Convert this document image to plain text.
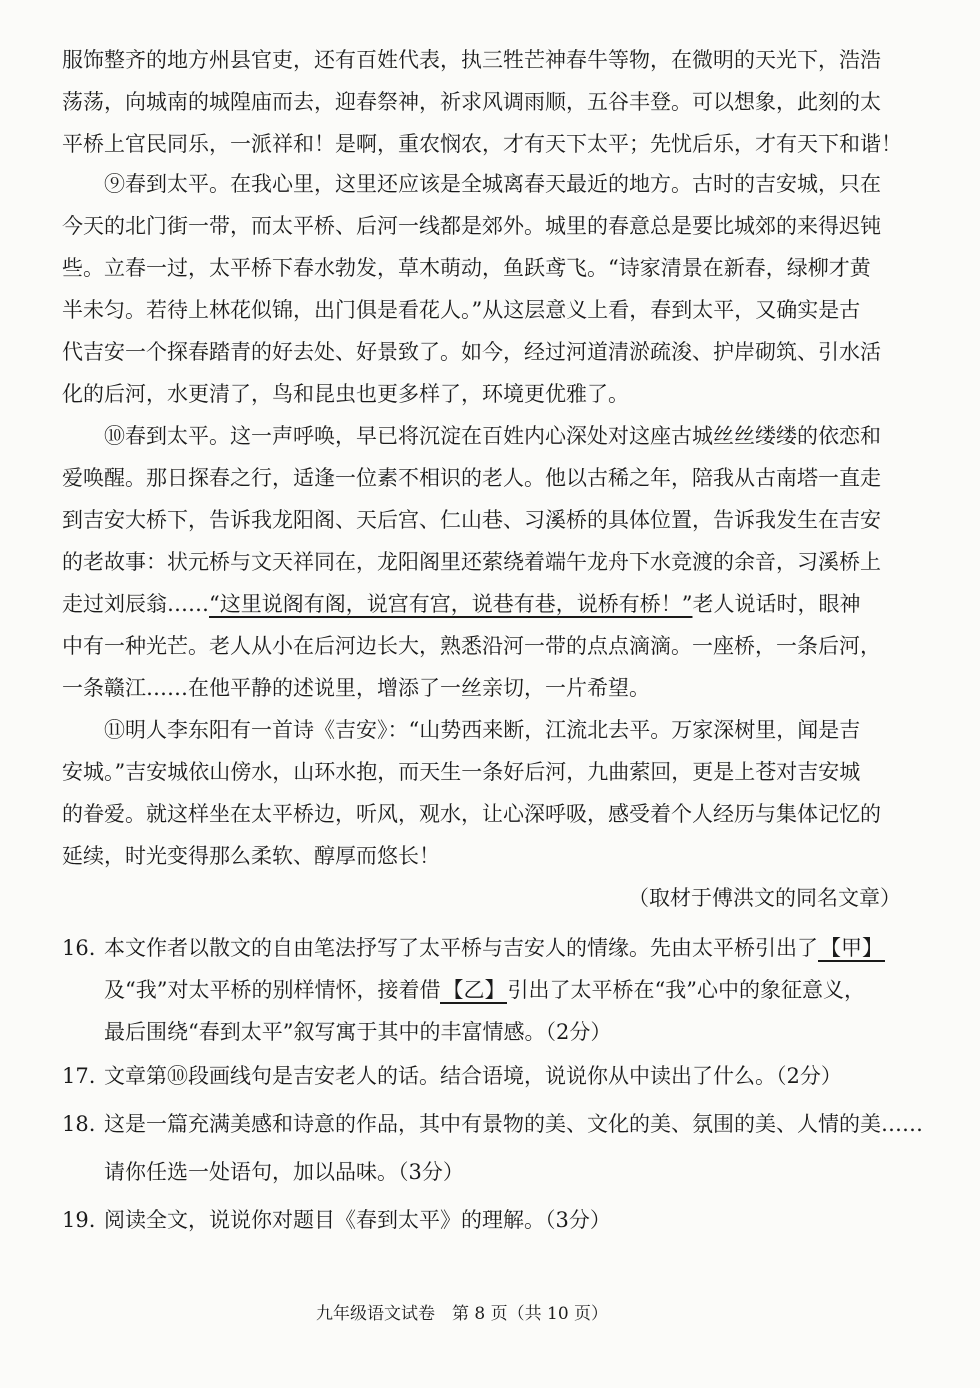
服饰整齐的地方州县官吏，还有百姓代表，执三牲芒神春牛等物，在微明的天光下，浩浩
荡荡，向城南的城隍庙而去，迎春祭神，祈求风调雨顺，五谷丰登。可以想象，此刻的太
平桥上官民同乐，一派祥和！是啊，重农悯农，才有天下太平；先忧后乐，才有天下和谐！
⑨春到太平。在我心里，这里还应该是全城离春天最近的地方。古时的吉安城，只在
今天的北门街一带，而太平桥、后河一线都是郊外。城里的春意总是要比城郊的来得迟钝
些。立春一过，太平桥下春水勃发，草木萌动，鱼跃鸢飞。“诗家清景在新春，绿柳才黄
半未匀。若待上林花似锦，出门俱是看花人。”从这层意义上看，春到太平，又确实是古
代吉安一个探春踏青的好去处、好景致了。如今，经过河道清淤疏浚、护岸砌筑、引水活
化的后河，水更清了，鸟和昆虫也更多样了，环境更优雅了。
⑩春到太平。这一声呼唤，早已将沉淀在百姓内心深处对这座古城丝丝缕缕的依恋和
爱唤醒。那日探春之行，适逢一位素不相识的老人。他以古稀之年，陪我从古南塔一直走
到吉安大桥下，告诉我龙阳阁、天后宫、仁山巷、习溪桥的具体位置，告诉我发生在吉安
的老故事：状元桥与文天祥同在，龙阳阁里还萦绕着端午龙舟下水竞渡的余音，习溪桥上
走过刘辰翁……“这里说阁有阁，说宫有宫，说巷有巷，说桥有桥！”老人说话时，眼神
中有一种光芒。老人从小在后河边长大，熟悉沿河一带的点点滴滴。一座桥，一条后河，
一条赣江……在他平静的述说里，增添了一丝亲切，一片希望。
⑪明人李东阳有一首诗《吉安》：“山势西来断，江流北去平。万家深树里，闻是吉
安城。”吉安城依山傍水，山环水抱，而天生一条好后河，九曲萦回，更是上苍对吉安城
的眷爱。就这样坐在太平桥边，听风，观水，让心深呼吸，感受着个人经历与集体记忆的
延续，时光变得那么柔软、醇厚而悠长！
（取材于傅洪文的同名文章）
16. 本文作者以散文的自由笔法抒写了太平桥与吉安人的情缘。先由太平桥引出了【甲】
及“我”对太平桥的别样情怀，接着借【乙】引出了太平桥在“我”心中的象征意义，
最后围绕“春到太平”叙写寓于其中的丰富情感。（2分）
17. 文章第⑩段画线句是吉安老人的话。结合语境，说说你从中读出了什么。（2分）
18. 这是一篇充满美感和诗意的作品，其中有景物的美、文化的美、氛围的美、人情的美……
请你任选一处语句，加以品味。（3分）
19. 阅读全文，说说你对题目《春到太平》的理解。（3分）
九年级语文试卷　第 8 页（共 10 页）
